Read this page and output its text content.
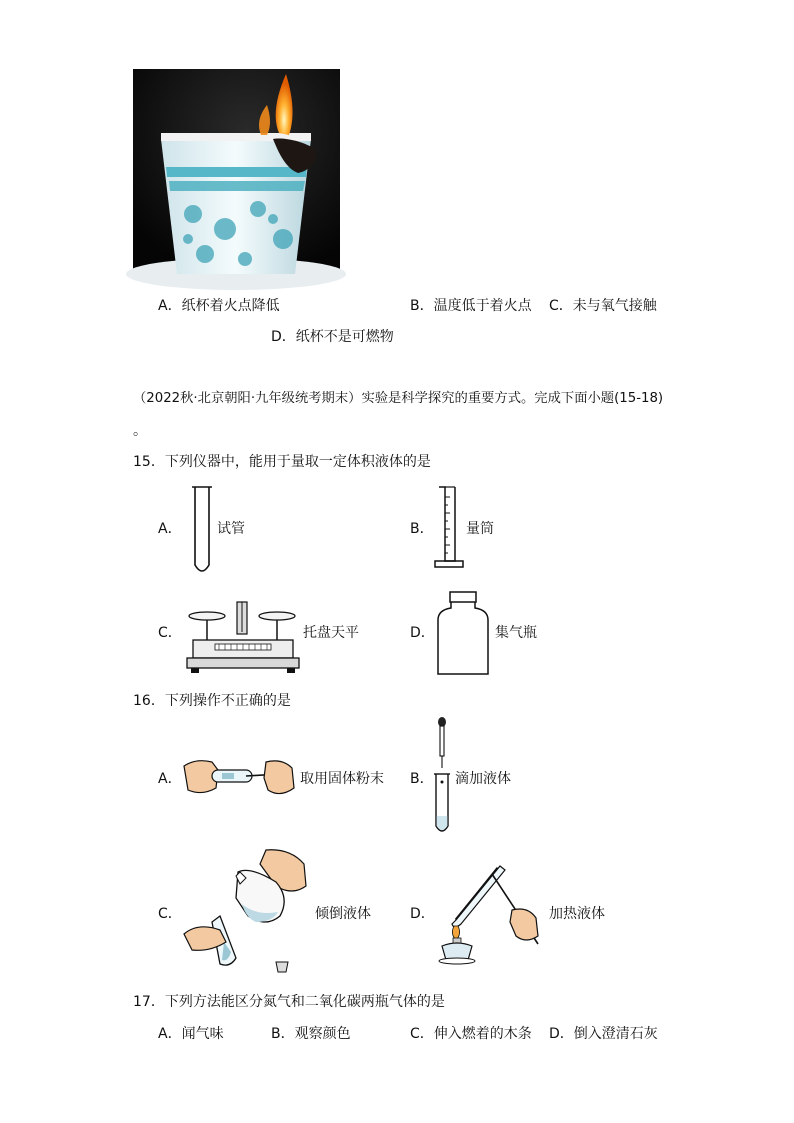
A．纸杯着火点降低	B．温度低于着火点 C．未与氧气接触
D．纸杯不是可燃物
（2022秋·北京朝阳·九年级统考期末）实验是科学探究的重要方式。完成下面小题(15-18)
。
15．下列仪器中，能用于量取一定体积液体的是
A．	试管	B． 量筒
C．	托盘天平	D．	集气瓶
16．下列操作不正确的是
A．	取用固体粉末 B． 滴加液体
C．	倾倒液体	D．	加热液体
17．下列方法能区分氮气和二氧化碳两瓶气体的是
A．闻气味	B．观察颜色	C．伸入燃着的木条 D．倒入澄清石灰
